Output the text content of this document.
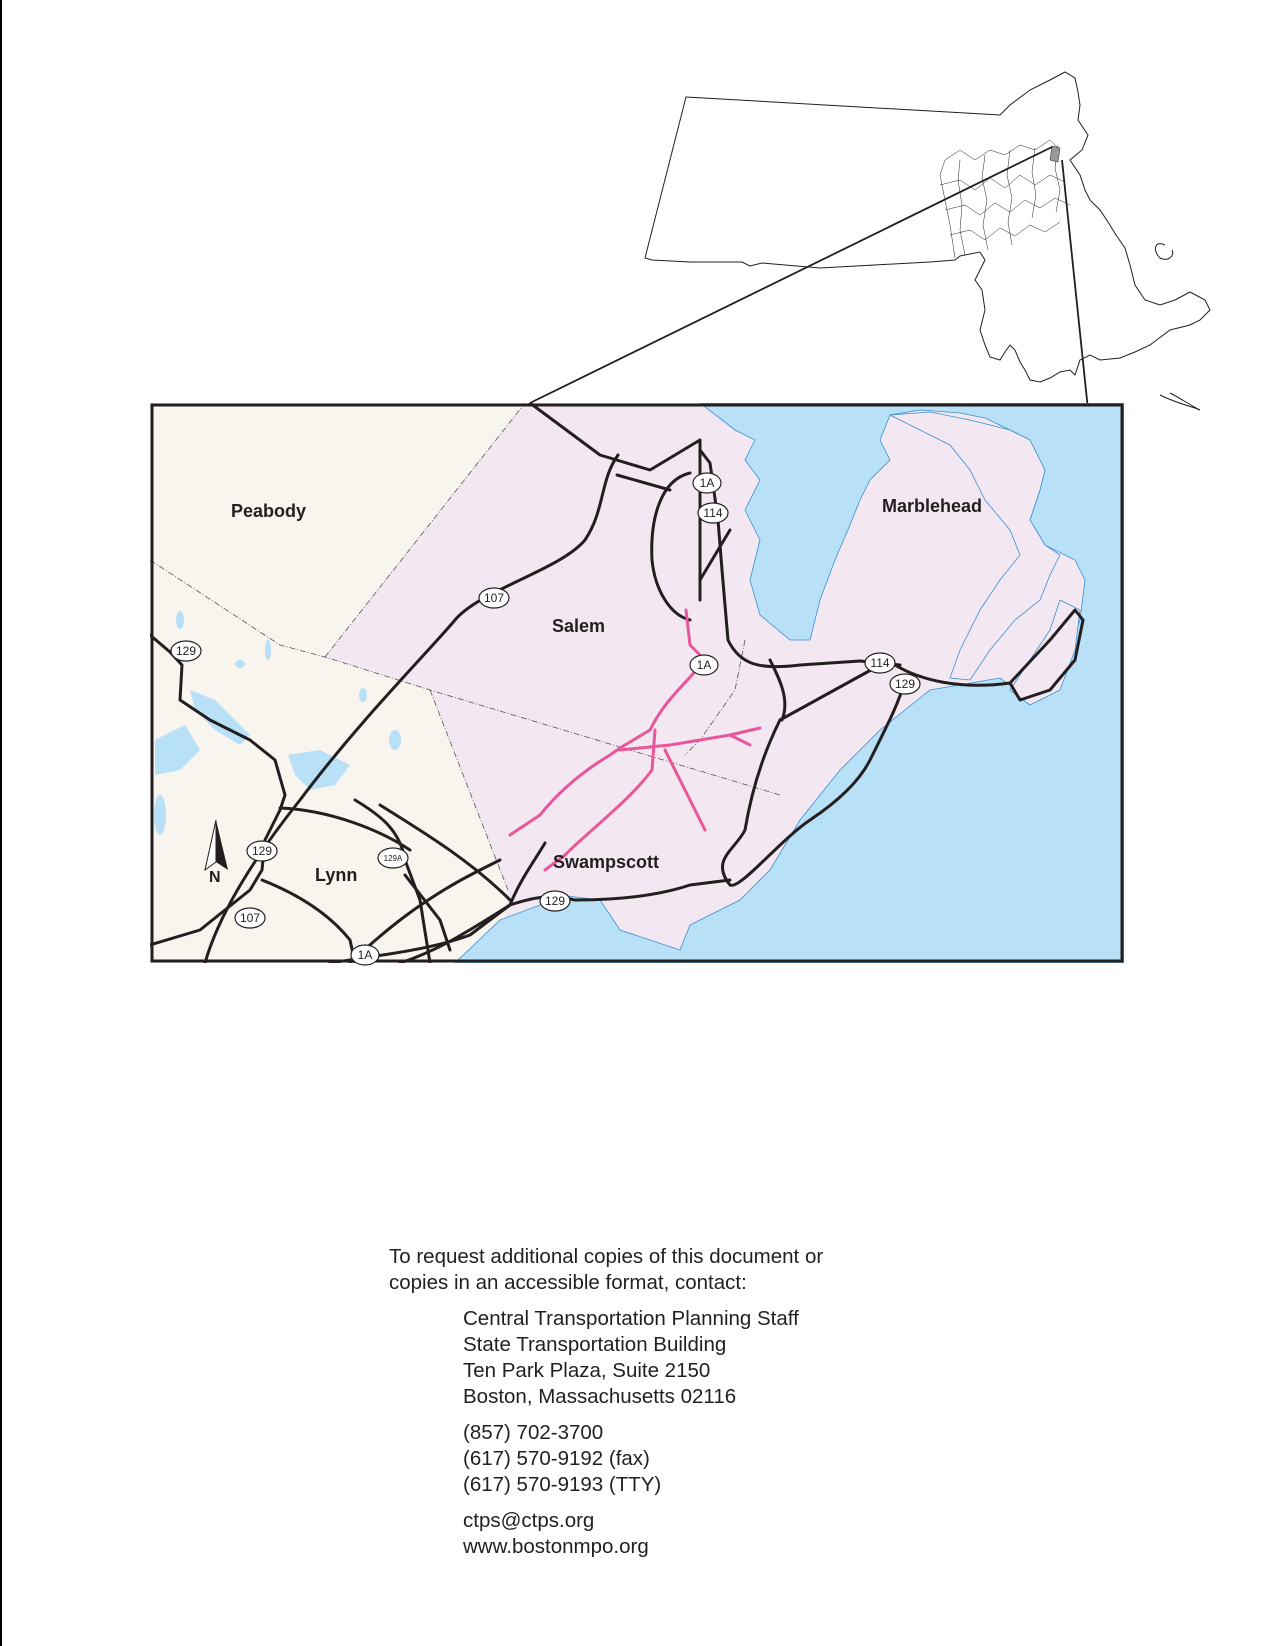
N
Peabody
Salem
Marblehead
Lynn
Swampscott
1A
114
107
129
1A	114
129
129
129A
107
1A
129

To request additional copies of this document or

copies in an accessible format, contact:

Central Transportation Planning Staff

State Transportation Building

Ten Park Plaza, Suite 2150

Boston, Massachusetts 02116

(857) 702-3700

(617) 570-9192 (fax)

(617) 570-9193 (TTY)

ctps@ctps.org

www.bostonmpo.org
